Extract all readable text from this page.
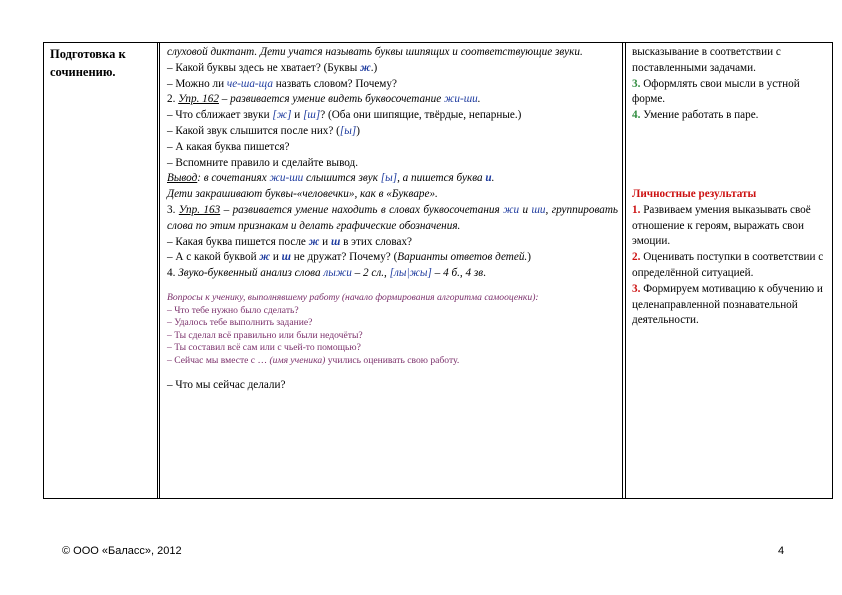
Подготовка к сочинению.

слуховой диктант. Дети учатся называть буквы шипящих и соответствующие звуки.

– Какой буквы здесь не хватает? (Буквы ж.)

– Можно ли че-ша-ща назвать словом? Почему?

2. Упр. 162 – развивается умение видеть буквосочетание жи-ши.

– Что сближает звуки [ж] и [ш]? (Оба они шипящие, твёрдые, непарные.)

– Какой звук слышится после них? ([ы])

– А какая буква пишется?

– Вспомните правило и сделайте вывод.

Вывод: в сочетаниях жи-ши слышится звук [ы], а пишется буква и.

Дети закрашивают буквы-«человечки», как в «Букваре».

3. Упр. 163 – развивается умение находить в словах буквосочетания жи и ши, группировать слова по этим признакам и делать графические обозначения.

– Какая буква пишется после ж и ш в этих словах?

– А с какой буквой ж и ш не дружат? Почему? (Варианты ответов детей.)

4. Звуко-буквенный анализ слова лыжи – 2 сл., [лы|жы] – 4 б., 4 зв.

Вопросы к ученику, выполнявшему работу (начало формирования алгоритма самооценки):

– Что тебе нужно было сделать?

– Удалось тебе выполнить задание?

– Ты сделал всё правильно или были недочёты?

– Ты составил всё сам или с чьей-то помощью?

– Сейчас мы вместе с … (имя ученика) учились оценивать свою работу.

– Что мы сейчас делали?

высказывание в соответствии с поставленными задачами.

3. Оформлять свои мысли в устной форме.

4. Умение работать в паре.

Личностные результаты

1. Развиваем умения выказывать своё отношение к героям, выражать свои эмоции.

2. Оценивать поступки в соответствии с определённой ситуацией.

3. Формируем мотивацию к обучению и целенаправленной познавательной деятельности.

© ООО «Баласс», 2012	4
